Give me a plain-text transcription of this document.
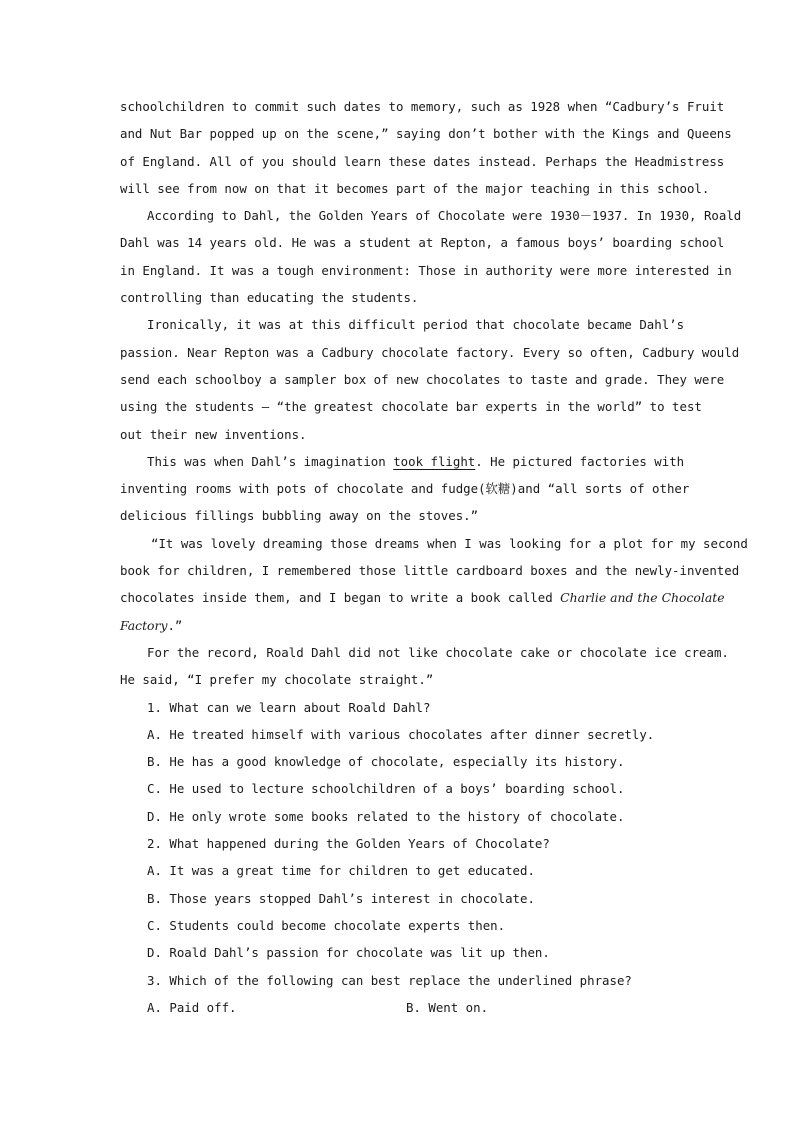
schoolchildren to commit such dates to memory, such as 1928 when “Cadbury’s Fruit
and Nut Bar popped up on the scene,” saying don’t bother with the Kings and Queens
of England. All of you should learn these dates instead. Perhaps the Headmistress
will see from now on that it becomes part of the major teaching in this school.
According to Dahl, the Golden Years of Chocolate were 1930－1937. In 1930, Roald
Dahl was 14 years old. He was a student at Repton, a famous boys’ boarding school
in England. It was a tough environment: Those in authority were more interested in
controlling than educating the students.
Ironically, it was at this difficult period that chocolate became Dahl’s
passion. Near Repton was a Cadbury chocolate factory. Every so often, Cadbury would
send each schoolboy a sampler box of new chocolates to taste and grade. They were
using the students — “the greatest chocolate bar experts in the world” to test
out their new inventions.
This was when Dahl’s imagination took flight. He pictured factories with
inventing rooms with pots of chocolate and fudge(软糖)and “all sorts of other
delicious fillings bubbling away on the stoves.”
“It was lovely dreaming those dreams when I was looking for a plot for my second
book for children, I remembered those little cardboard boxes and the newly-invented
chocolates inside them, and I began to write a book called Charlie and the Chocolate
Factory.”
For the record, Roald Dahl did not like chocolate cake or chocolate ice cream.
He said, “I prefer my chocolate straight.”
1. What can we learn about Roald Dahl?
A. He treated himself with various chocolates after dinner secretly.
B. He has a good knowledge of chocolate, especially its history.
C. He used to lecture schoolchildren of a boys’ boarding school.
D. He only wrote some books related to the history of chocolate.
2. What happened during the Golden Years of Chocolate?
A. It was a great time for children to get educated.
B. Those years stopped Dahl’s interest in chocolate.
C. Students could become chocolate experts then.
D. Roald Dahl’s passion for chocolate was lit up then.
3. Which of the following can best replace the underlined phrase?
A. Paid off.	B. Went on.
